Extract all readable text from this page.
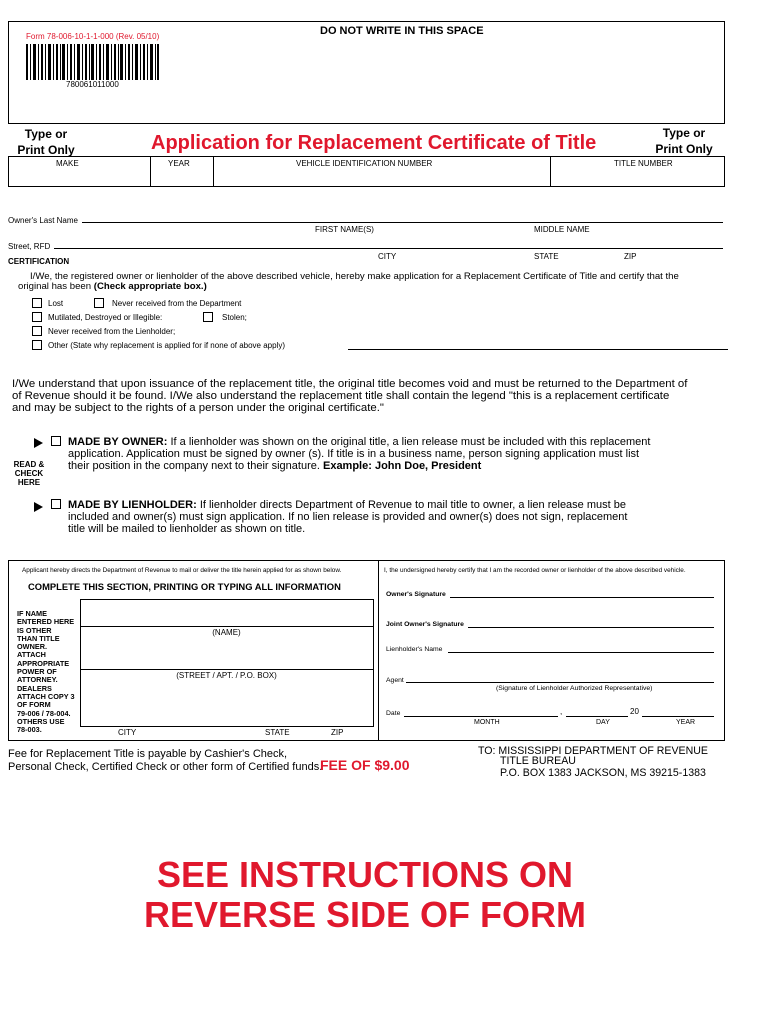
DO NOT WRITE IN THIS SPACE
Form 78-006-10-1-1-000 (Rev. 05/10)
780061011000
Type or
Print Only	Application for Replacement Certificate of Title	Type or
Print Only
MAKE	YEAR	VEHICLE IDENTIFICATION NUMBER	TITLE NUMBER
Owner's Last Name
FIRST NAME(S)	MIDDLE NAME
Street, RFD
CITY	STATE	ZIP
CERTIFICATION
I/We, the registered owner or lienholder of the above described vehicle, hereby make application for a Replacement Certificate of Title and certify that the
original has been (Check appropriate box.)
Lost	Never received from the Department
Mutilated, Destroyed or Illegible:	Stolen;
Never received from the Lienholder;
Other (State why replacement is applied for if none of above apply)
I/We understand that upon issuance of the replacement title, the original title becomes void and must be returned to the Department of
of Revenue should it be found. I/We also understand the replacement title shall contain the legend "this is a replacement certificate
and may be subject to the rights of a person under the original certificate."
MADE BY OWNER: If a lienholder was shown on the original title, a lien release must be included with this replacement
application. Application must be signed by owner (s). If title is in a business name, person signing application must list
their position in the company next to their signature. Example: John Doe, President
READ &
CHECK
HERE
MADE BY LIENHOLDER: If lienholder directs Department of Revenue to mail title to owner, a lien release must be
included and owner(s) must sign application. If no lien release is provided and owner(s) does not sign, replacement
title will be mailed to lienholder as shown on title.
Applicant hereby directs the Department of Revenue to mail or deliver the title herein applied for as shown below.
COMPLETE THIS SECTION, PRINTING OR TYPING ALL INFORMATION
IF NAME
ENTERED HERE
IS OTHER
THAN TITLE
OWNER.
ATTACH
APPROPRIATE
POWER OF
ATTORNEY.
DEALERS
ATTACH COPY 3
OF FORM
79-006 / 78-004.
OTHERS USE
78-003.
(NAME)
(STREET / APT. / P.O. BOX)
CITY	STATE	ZIP
I, the undersigned hereby certify that I am the recorded owner or lienholder of the above described vehicle.
Owner's Signature
Joint Owner's Signature
Lienholder's Name
Agent
(Signature of Lienholder Authorized Representative)
Date	,	20
MONTH	DAY	YEAR
Fee for Replacement Title is payable by Cashier's Check,
Personal Check, Certified Check or other form of Certified funds.
FEE OF $9.00
TO: MISSISSIPPI DEPARTMENT OF REVENUE
TITLE BUREAU
P.O. BOX 1383 JACKSON, MS 39215-1383
SEE INSTRUCTIONS ON
REVERSE SIDE OF FORM
